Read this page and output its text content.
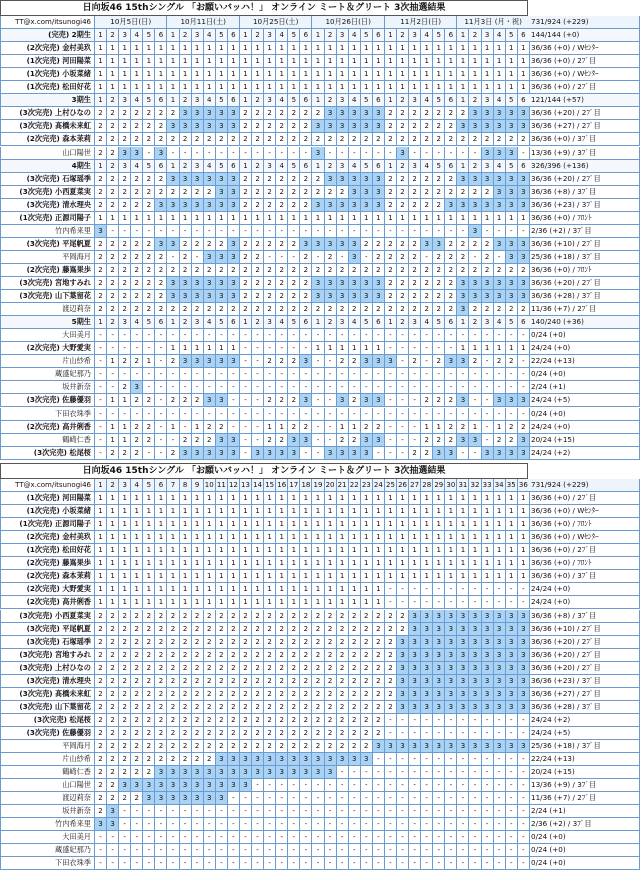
日向坂46 15thシングル 「お願いバッハ！」 オンライン ミート＆グリート 3次抽選結果
TT@x.com/itsunogi46	10月5日(日)	10月11日(土)	10月25日(土)	10月26日(日)	11月2日(日)	11月3日 (月・祝)	731/924 (+229)
(完売) 2期生	1	2	3	4	5	6	1	2	3	4	5	6	1	2	3	4	5	6	1	2	3	4	5	6	1	2	3	4	5	6	1	2	3	4	5	6 144/144 (+0)
(2次完売) 金村美玖	1	1	1	1	1	1	1	1	1	1	1	1	1	1	1	1	1	1	1	1	1	1	1	1	1	1	1	1	1	1	1	1	1	1	1	1 36/36 (+0) / Wｾﾝﾀｰ
(1次完売) 河田陽菜	1	1	1	1	1	1	1	1	1	1	1	1	1	1	1	1	1	1	1	1	1	1	1	1	1	1	1	1	1	1	1	1	1	1	1	1 36/36 (+0) / 2ﾌﾞ目
(1次完売) 小坂菜緒	1	1	1	1	1	1	1	1	1	1	1	1	1	1	1	1	1	1	1	1	1	1	1	1	1	1	1	1	1	1	1	1	1	1	1	1 36/36 (+0) / Wｾﾝﾀｰ
(1次完売) 松田好花	1	1	1	1	1	1	1	1	1	1	1	1	1	1	1	1	1	1	1	1	1	1	1	1	1	1	1	1	1	1	1	1	1	1	1	1 36/36 (+0) / 2ﾌﾞ目
3期生	1	2	3	4	5	6	1	2	3	4	5	6	1	2	3	4	5	6	1	2	3	4	5	6	1	2	3	4	5	6	1	2	3	4	5	6 121/144 (+57)
(3次完売) 上村ひなの	2	2	2	2	2	2	2	3	3	3	3	3	2	2	2	2	2	2	2	3	3	3	3	3	2	2	2	2	2	2	2	3	3	3	3	3 36/36 (+20) / 2ﾌﾞ目
(3次完売) 髙橋未来虹	2	2	2	2	2	2	3	3	3	3	3	3	2	2	2	2	2	2	3	3	3	3	3	3	2	2	2	2	2	2	3	3	3	3	3	3 36/36 (+27) / 2ﾌﾞ目
(2次完売) 森本茉莉	2	2	2	2	2	2	2	2	2	2	2	2	2	2	2	2	2	2	2	2	2	2	2	2	2	2	2	2	2	2	2	2	2	2	2	2 36/36 (+0) / 3ﾌﾞ目
山口陽世	2	2	3	3	-	3	-	-	-	-	-	-	-	-	-	-	-	-	3	-	-	-	-	-	-	3	-	-	-	-	-	-	3	3	3	- 13/36 (+9) / 3ﾌﾞ目
4期生	1	2	3	4	5	6	1	2	3	4	5	6	1	2	3	4	5	6	1	2	3	4	5	6	1	2	3	4	5	6	1	2	3	4	5	6 326/396 (+136)
(3次完売) 石塚瑶季	2	2	2	2	2	2	3	3	3	3	3	3	2	2	2	2	2	2	2	3	3	3	3	3	2	2	2	2	2	2	3	3	3	3	3	3 36/36 (+20) / 2ﾌﾞ目
(3次完売) 小西夏菜実	2	2	2	2	2	2	2	2	2	2	3	3	2	2	2	2	2	2	2	2	2	3	3	3	2	2	2	2	2	2	2	2	2	3	3	3 36/36 (+8) / 3ﾌﾞ目
(3次完売) 清水理央	2	2	2	2	2	3	3	3	3	3	3	3	2	2	2	2	2	2	3	3	3	3	3	3	2	2	2	2	2	3	3	3	3	3	3	3 36/36 (+23) / 3ﾌﾞ目
(1次完売) 正源司陽子	1	1	1	1	1	1	1	1	1	1	1	1	1	1	1	1	1	1	1	1	1	1	1	1	1	1	1	1	1	1	1	1	1	1	1	1 36/36 (+0) / ﾌﾛﾝﾄ
竹内希来里	3	-	-	-	-	-	-	-	-	-	-	-	-	-	-	-	-	-	-	-	-	-	-	-	-	-	-	-	-	-	-	3	-	-	-	- 2/36 (+2) / 3ﾌﾞ目
(3次完売) 平尾帆夏	2	2	2	2	2	3	3	2	2	2	2	3	2	2	2	2	2	3	3	3	3	3	2	2	2	2	2	3	3	2	2	2	2	3	3	3 36/36 (+10) / 2ﾌﾞ目
平岡海月	2	2	2	2	2	2	-	2	-	3	3	3	2	2	-	-	-	2	-	2	-	3	-	2	2	2	2	-	2	2	2	-	2	-	3	3 25/36 (+18) / 3ﾌﾞ目
(2次完売) 藤嶌果歩	2	2	2	2	2	2	2	2	2	2	2	2	2	2	2	2	2	2	2	2	2	2	2	2	2	2	2	2	2	2	2	2	2	2	2	2 36/36 (+0) / ﾌﾛﾝﾄ
(3次完売) 宮地すみれ	2	2	2	2	2	2	3	3	3	3	3	3	2	2	2	2	2	2	3	3	3	3	3	3	2	2	2	2	2	2	3	3	3	3	3	3 36/36 (+20) / 2ﾌﾞ目
(3次完売) 山下葉留花	2	2	2	2	2	2	3	3	3	3	3	3	2	2	2	2	2	2	3	3	3	3	3	3	2	2	2	2	2	2	3	3	3	3	3	3 36/36 (+28) / 3ﾌﾞ目
渡辺莉奈	2	2	2	2	2	2	2	2	2	2	2	2	2	2	2	2	2	2	2	2	2	2	2	2	2	2	2	2	2	2	3	2	2	2	2	2 11/36 (+7) / 2ﾌﾞ目
5期生	1	2	3	4	5	6	1	2	3	4	5	6	1	2	3	4	5	6	1	2	3	4	5	6	1	2	3	4	5	6	1	2	3	4	5	6 140/240 (+36)
大田美月	-	-	-	-	-	-	-	-	-	-	-	-	-	-	-	-	-	-	-	-	-	-	-	-	-	-	-	-	-	-	-	-	-	-	-	- 0/24 (+0)
(2次完売) 大野愛実	-	-	-	-	-	-	1	1	1	1	1	1	-	-	-	-	-	-	1	1	1	1	1	1	-	-	-	-	-	-	1	1	1	1	1	1 24/24 (+0)
片山紗希	-	1	2	2	1	-	2	3	3	3	3	3	-	-	2	2	2	3	-	-	2	2	3	3	3	-	2	-	2	3	3	2	-	2	2	- 22/24 (+13)
蔵盛妃那乃	-	-	-	-	-	-	-	-	-	-	-	-	-	-	-	-	-	-	-	-	-	-	-	-	-	-	-	-	-	-	-	-	-	-	-	- 0/24 (+0)
坂井新奈	-	-	2	3	-	-	-	-	-	-	-	-	-	-	-	-	-	-	-	-	-	-	-	-	-	-	-	-	-	-	-	-	-	-	-	- 2/24 (+1)
(3次完売) 佐藤優羽	-	1	1	2	2	-	2	2	2	3	3	-	-	-	2	2	2	3	-	-	3	2	3	3	-	-	-	2	2	2	3	-	-	3	3	3 24/24 (+5)
下田衣珠季	-	-	-	-	-	-	-	-	-	-	-	-	-	-	-	-	-	-	-	-	-	-	-	-	-	-	-	-	-	-	-	-	-	-	-	- 0/24 (+0)
(2次完売) 高井俐香	-	1	1	2	2	-	1	-	1	2	2	-	-	-	1	1	2	2	-	-	1	1	2	2	-	-	-	1	1	2	2	1	-	1	2	2 24/24 (+0)
鶴崎仁香	-	1	1	2	2	-	-	2	2	2	3	3	-	-	2	2	3	3	-	-	2	2	3	3	-	-	-	2	2	2	3	3	-	2	2	3 20/24 (+15)
(3次完売) 松尾桜	-	2	2	2	-	-	2	3	3	3	3	3	-	3	3	3	3	-	-	3	3	3	3	-	-	-	2	2	3	3	-	-	3	3	3	3 24/24 (+2)
日向坂46 15thシングル 「お願いバッハ！」 オンライン ミート＆グリート 3次抽選結果
TT@x.com/itsunogi46	1	2	3	4	5	6	7	8	9 10 11 12 13 14 15 16 17 18 19 20 21 22 23 24 25 26 27 28 29 30 31 32 33 34 35 36 731/924 (+229)
(1次完売) 河田陽菜	1	1	1	1	1	1	1	1	1	1	1	1	1	1	1	1	1	1	1	1	1	1	1	1	1	1	1	1	1	1	1	1	1	1	1	1 36/36 (+0) / 2ﾌﾞ目
(1次完売) 小坂菜緒	1	1	1	1	1	1	1	1	1	1	1	1	1	1	1	1	1	1	1	1	1	1	1	1	1	1	1	1	1	1	1	1	1	1	1	1 36/36 (+0) / Wｾﾝﾀｰ
(1次完売) 正源司陽子	1	1	1	1	1	1	1	1	1	1	1	1	1	1	1	1	1	1	1	1	1	1	1	1	1	1	1	1	1	1	1	1	1	1	1	1 36/36 (+0) / ﾌﾛﾝﾄ
(2次完売) 金村美玖	1	1	1	1	1	1	1	1	1	1	1	1	1	1	1	1	1	1	1	1	1	1	1	1	1	1	1	1	1	1	1	1	1	1	1	1 36/36 (+0) / Wｾﾝﾀｰ
(1次完売) 松田好花	1	1	1	1	1	1	1	1	1	1	1	1	1	1	1	1	1	1	1	1	1	1	1	1	1	1	1	1	1	1	1	1	1	1	1	1 36/36 (+0) / 2ﾌﾞ目
(2次完売) 藤嶌果歩	1	1	1	1	1	1	1	1	1	1	1	1	1	1	1	1	1	1	1	1	1	1	1	1	1	1	1	1	1	1	1	1	1	1	1	1 36/36 (+0) / ﾌﾛﾝﾄ
(2次完売) 森本茉莉	1	1	1	1	1	1	1	1	1	1	1	1	1	1	1	1	1	1	1	1	1	1	1	1	1	1	1	1	1	1	1	1	1	1	1	1 36/36 (+0) / 3ﾌﾞ目
(2次完売) 大野愛実	1	1	1	1	1	1	1	1	1	1	1	1	1	1	1	1	1	1	1	1	1	1	1	1	-	-	-	-	-	-	-	-	-	-	-	- 24/24 (+0)
(2次完売) 高井俐香	1	1	1	1	1	1	1	1	1	1	1	1	1	1	1	1	1	1	1	1	1	1	1	1	-	-	-	-	-	-	-	-	-	-	-	- 24/24 (+0)
(3次完売) 小西夏菜実	2	2	2	2	2	2	2	2	2	2	2	2	2	2	2	2	2	2	2	2	2	2	2	2	2	2	3	3	3	3	3	3	3	3	3	3 36/36 (+8) / 3ﾌﾞ目
(3次完売) 平尾帆夏	2	2	2	2	2	2	2	2	2	2	2	2	2	2	2	2	2	2	2	2	2	2	2	2	2	2	3	3	3	3	3	3	3	3	3	3 36/36 (+10) / 2ﾌﾞ目
(3次完売) 石塚瑶季	2	2	2	2	2	2	2	2	2	2	2	2	2	2	2	2	2	2	2	2	2	2	2	2	2	3	3	3	3	3	3	3	3	3	3	3 36/36 (+20) / 2ﾌﾞ目
(3次完売) 宮地すみれ	2	2	2	2	2	2	2	2	2	2	2	2	2	2	2	2	2	2	2	2	2	2	2	2	2	3	3	3	3	3	3	3	3	3	3	3 36/36 (+20) / 2ﾌﾞ目
(3次完売) 上村ひなの	2	2	2	2	2	2	2	2	2	2	2	2	2	2	2	2	2	2	2	2	2	2	2	2	2	3	3	3	3	3	3	3	3	3	3	3 36/36 (+20) / 2ﾌﾞ目
(3次完売) 清水理央	2	2	2	2	2	2	2	2	2	2	2	2	2	2	2	2	2	2	2	2	2	2	2	2	2	3	3	3	3	3	3	3	3	3	3	3 36/36 (+23) / 3ﾌﾞ目
(3次完売) 髙橋未来虹	2	2	2	2	2	2	2	2	2	2	2	2	2	2	2	2	2	2	2	2	2	2	2	2	2	3	3	3	3	3	3	3	3	3	3	3 36/36 (+27) / 2ﾌﾞ目
(3次完売) 山下葉留花	2	2	2	2	2	2	2	2	2	2	2	2	2	2	2	2	2	2	2	2	2	2	2	2	2	3	3	3	3	3	3	3	3	3	3	3 36/36 (+28) / 3ﾌﾞ目
(3次完売) 松尾桜	2	2	2	2	2	2	2	2	2	2	2	2	2	2	2	2	2	2	2	2	2	2	2	2	-	-	-	-	-	-	-	-	-	-	-	- 24/24 (+2)
(3次完売) 佐藤優羽	2	2	2	2	2	2	2	2	2	2	2	2	2	2	2	2	2	2	2	2	2	2	2	2	-	-	-	-	-	-	-	-	-	-	-	- 24/24 (+5)
平岡海月	2	2	2	2	2	2	2	2	2	2	2	2	2	2	2	2	2	2	2	2	2	2	2	3	3	3	3	3	3	3	3	3	3	3	3	3 25/36 (+18) / 3ﾌﾞ目
片山紗希	2	2	2	2	2	2	2	2	2	2	3	3	3	3	3	3	3	3	3	3	3	3	3	-	-	-	-	-	-	-	-	-	-	-	-	- 22/24 (+13)
鶴崎仁香	2	2	2	2	2	3	3	3	3	3	3	3	3	3	3	3	3	3	3	3	-	-	-	-	-	-	-	-	-	-	-	-	-	-	-	- 20/24 (+15)
山口陽世	2	2	3	3	3	3	3	3	3	3	3	3	3	-	-	-	-	-	-	-	-	-	-	-	-	-	-	-	-	-	-	-	-	-	-	- 13/36 (+9) / 3ﾌﾞ目
渡辺莉奈	2	2	2	2	3	3	3	3	3	3	3	-	-	-	-	-	-	-	-	-	-	-	-	-	-	-	-	-	-	-	-	-	-	-	-	- 11/36 (+7) / 2ﾌﾞ目
坂井新奈	2	3	-	-	-	-	-	-	-	-	-	-	-	-	-	-	-	-	-	-	-	-	-	-	-	-	-	-	-	-	-	-	-	-	-	- 2/24 (+1)
竹内希来里	3	3	-	-	-	-	-	-	-	-	-	-	-	-	-	-	-	-	-	-	-	-	-	-	-	-	-	-	-	-	-	-	-	-	-	- 2/36 (+2) / 3ﾌﾞ目
大田美月	-	-	-	-	-	-	-	-	-	-	-	-	-	-	-	-	-	-	-	-	-	-	-	-	-	-	-	-	-	-	-	-	-	-	-	- 0/24 (+0)
蔵盛妃那乃	-	-	-	-	-	-	-	-	-	-	-	-	-	-	-	-	-	-	-	-	-	-	-	-	-	-	-	-	-	-	-	-	-	-	-	- 0/24 (+0)
下田衣珠季	-	-	-	-	-	-	-	-	-	-	-	-	-	-	-	-	-	-	-	-	-	-	-	-	-	-	-	-	-	-	-	-	-	-	-	- 0/24 (+0)
